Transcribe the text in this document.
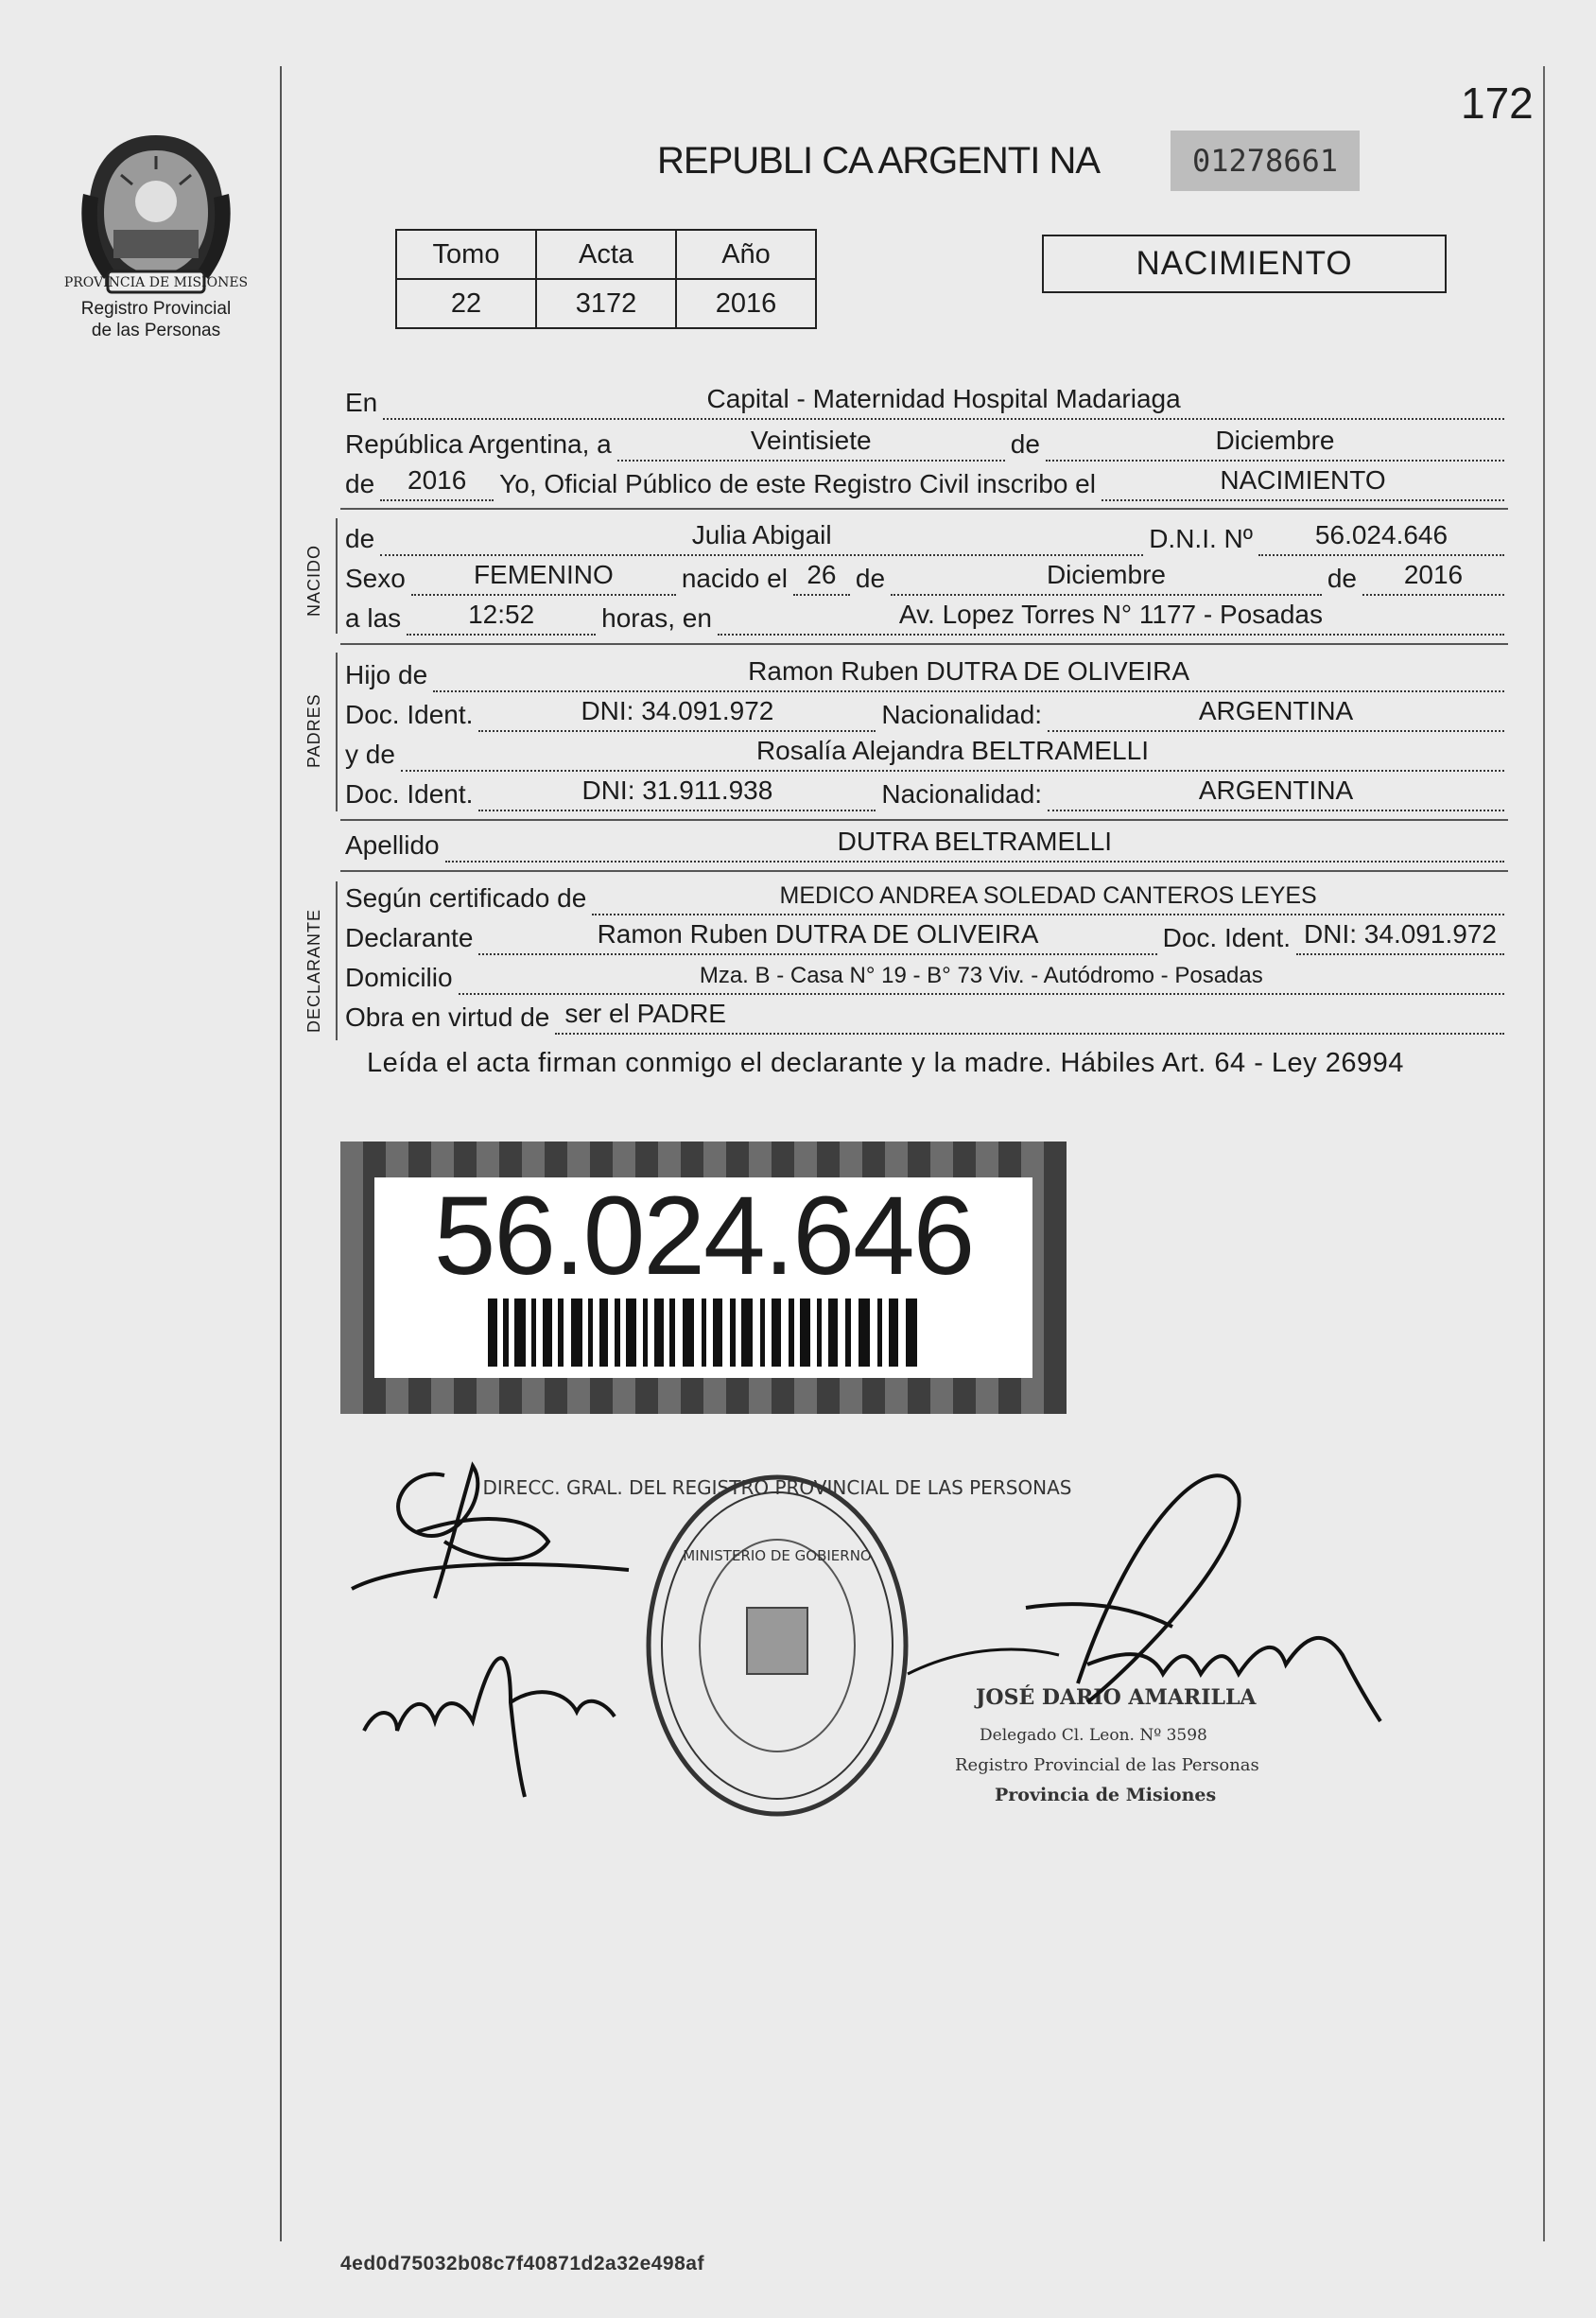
172
PROVINCIA DE MISIONES
Registro Provincial
de las Personas
REPUBLI CA ARGENTI NA	01278661
Tomo	Acta	Año
22	3172	2016
NACIMIENTO
En	Capital - Maternidad Hospital Madariaga
República Argentina, a	Veintisiete	de	Diciembre
de	2016	Yo, Oficial Público de este Registro Civil inscribo el	NACIMIENTO
NACIDO
de	Julia Abigail	D.N.I. Nº	56.024.646
Sexo	FEMENINO	nacido el 26 de	Diciembre	de	2016
a las	12:52	horas, en	Av. Lopez Torres N° 1177 - Posadas
PADRES
Hijo de	Ramon Ruben DUTRA DE OLIVEIRA
Doc. Ident.	DNI: 34.091.972	Nacionalidad:	ARGENTINA
y de	Rosalía Alejandra BELTRAMELLI
Doc. Ident.	DNI: 31.911.938	Nacionalidad:	ARGENTINA
Apellido	DUTRA BELTRAMELLI
DECLARANTE
Según certificado de	MEDICO ANDREA SOLEDAD CANTEROS LEYES
Declarante	Ramon Ruben DUTRA DE OLIVEIRA	Doc. Ident. DNI: 34.091.972
Domicilio	Mza. B - Casa N° 19 - B° 73 Viv. - Autódromo - Posadas
Obra en virtud de ser el PADRE
Leída el acta firman conmigo el declarante y la madre. Hábiles Art. 64 - Ley 26994
56.024.646
DIRECC. GRAL. DEL REGISTRO PROVINCIAL DE LAS PERSONAS
MINISTERIO DE GOBIERNO
JOSÉ DARIO AMARILLA
Delegado Cl. Leon. Nº 3598
Registro Provincial de las Personas
Provincia de Misiones
4ed0d75032b08c7f40871d2a32e498af
